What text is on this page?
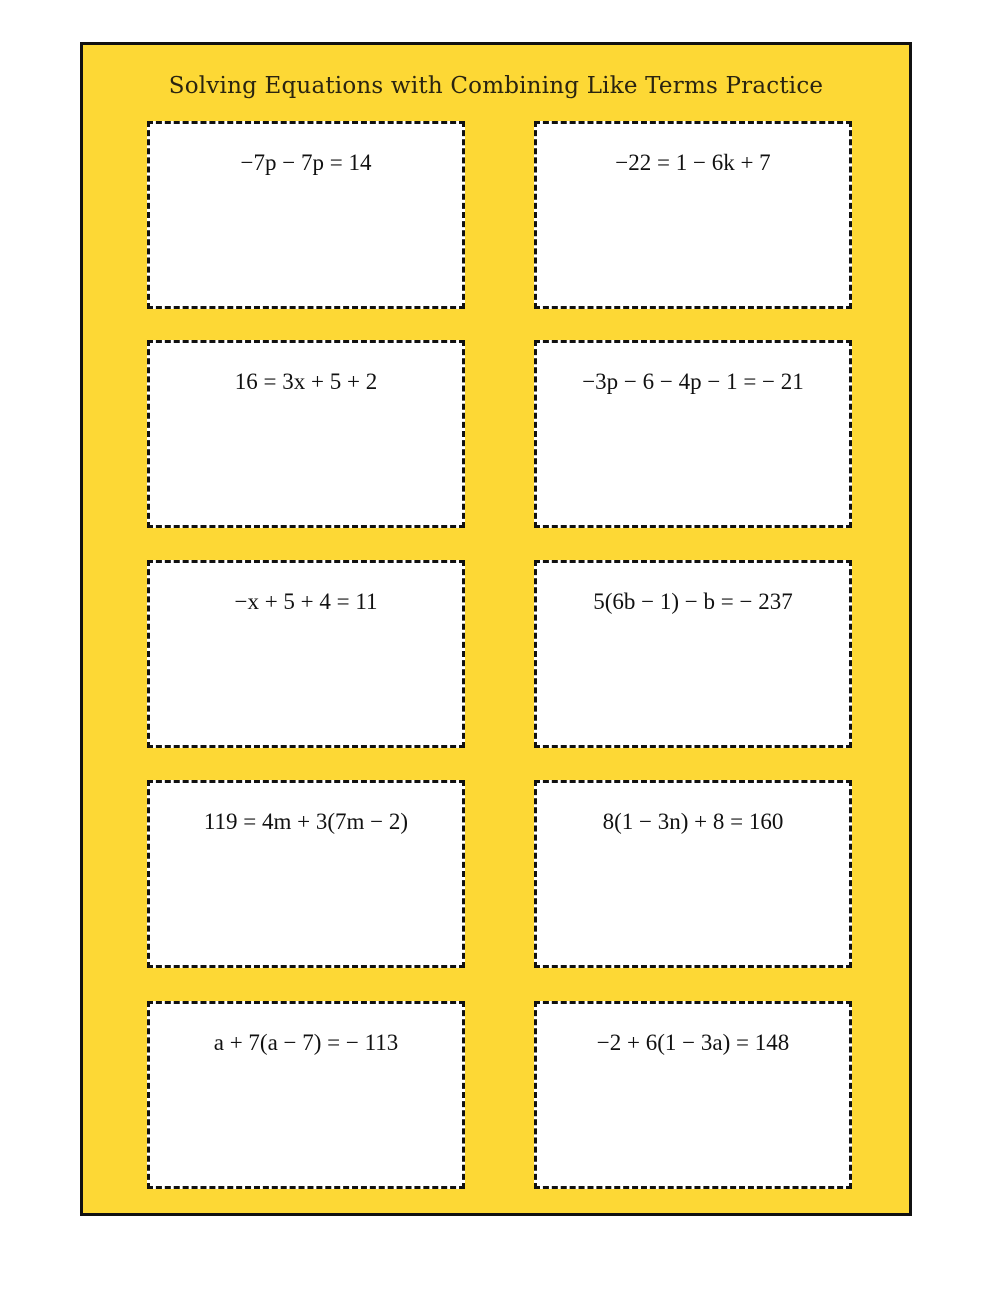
Solving Equations with Combining Like Terms Practice
−7p − 7p = 14	−22 = 1 − 6k + 7
16 = 3x + 5 + 2	−3p − 6 − 4p − 1 = − 21
−x + 5 + 4 = 11	5(6b − 1) − b = − 237
119 = 4m + 3(7m − 2)	8(1 − 3n) + 8 = 160
a + 7(a − 7) = − 113	−2 + 6(1 − 3a) = 148
